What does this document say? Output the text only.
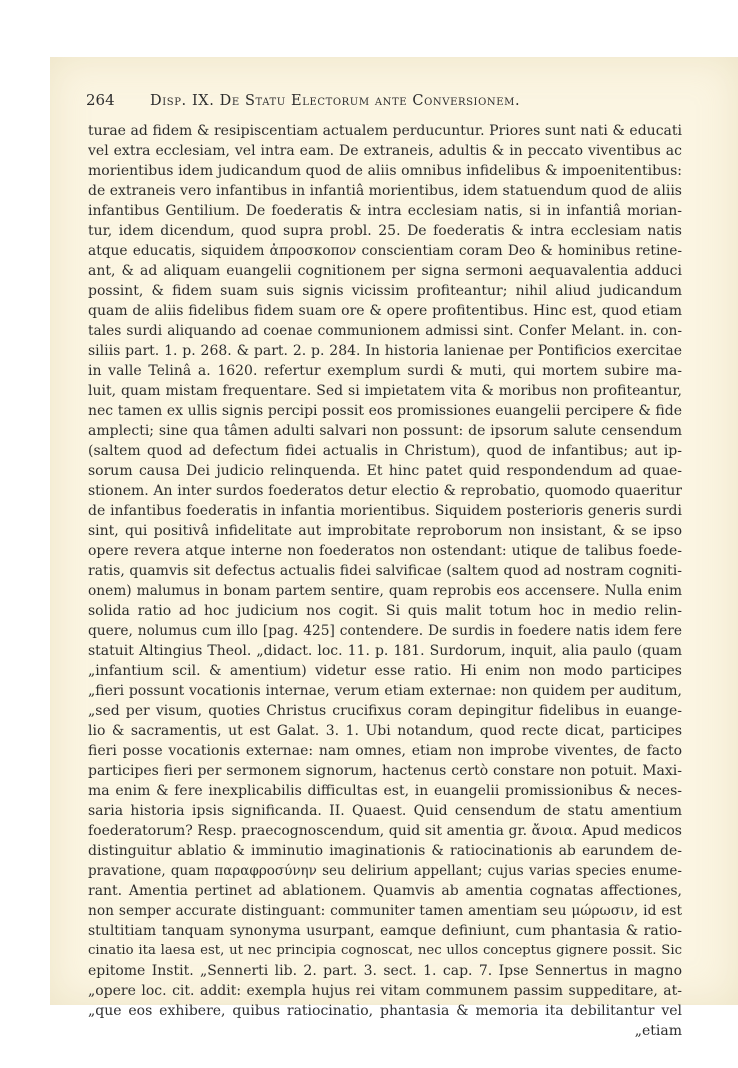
264	Disp. IX. De Statu Electorum ante Conversionem.
turae ad fidem & resipiscentiam actualem perducuntur. Priores sunt nati & educati
vel extra ecclesiam, vel intra eam. De extraneis, adultis & in peccato viventibus ac
morientibus idem judicandum quod de aliis omnibus infidelibus & impoenitentibus:
de extraneis vero infantibus in infantiâ morientibus, idem statuendum quod de aliis
infantibus Gentilium. De foederatis & intra ecclesiam natis, si in infantiâ morian-
tur, idem dicendum, quod supra probl. 25. De foederatis & intra ecclesiam natis
atque educatis, siquidem ἀπροσκοπον conscientiam coram Deo & hominibus retine-
ant, & ad aliquam euangelii cognitionem per signa sermoni aequavalentia adduci
possint, & fidem suam suis signis vicissim profiteantur; nihil aliud judicandum
quam de aliis fidelibus fidem suam ore & opere profitentibus. Hinc est, quod etiam
tales surdi aliquando ad coenae communionem admissi sint. Confer Melant. in. con-
siliis part. 1. p. 268. & part. 2. p. 284. In historia lanienae per Pontificios exercitae
in valle Telinâ a. 1620. refertur exemplum surdi & muti, qui mortem subire ma-
luit, quam mistam frequentare. Sed si impietatem vita & moribus non profiteantur,
nec tamen ex ullis signis percipi possit eos promissiones euangelii percipere & fide
amplecti; sine qua tâmen adulti salvari non possunt: de ipsorum salute censendum
(saltem quod ad defectum fidei actualis in Christum), quod de infantibus; aut ip-
sorum causa Dei judicio relinquenda. Et hinc patet quid respondendum ad quae-
stionem. An inter surdos foederatos detur electio & reprobatio, quomodo quaeritur
de infantibus foederatis in infantia morientibus. Siquidem posterioris generis surdi
sint, qui positivâ infidelitate aut improbitate reproborum non insistant, & se ipso
opere revera atque interne non foederatos non ostendant: utique de talibus foede-
ratis, quamvis sit defectus actualis fidei salvificae (saltem quod ad nostram cogniti-
onem) malumus in bonam partem sentire, quam reprobis eos accensere. Nulla enim
solida ratio ad hoc judicium nos cogit. Si quis malit totum hoc in medio relin-
quere, nolumus cum illo [pag. 425] contendere. De surdis in foedere natis idem fere
statuit Altingius Theol. „didact. loc. 11. p. 181. Surdorum, inquit, alia paulo (quam
„infantium scil. & amentium) videtur esse ratio. Hi enim non modo participes
„fieri possunt vocationis internae, verum etiam externae: non quidem per auditum,
„sed per visum, quoties Christus crucifixus coram depingitur fidelibus in euange-
lio & sacramentis, ut est Galat. 3. 1. Ubi notandum, quod recte dicat, participes
fieri posse vocationis externae: nam omnes, etiam non improbe viventes, de facto
participes fieri per sermonem signorum, hactenus certò constare non potuit. Maxi-
ma enim & fere inexplicabilis difficultas est, in euangelii promissionibus & neces-
saria historia ipsis significanda. II. Quaest. Quid censendum de statu amentium
foederatorum? Resp. praecognoscendum, quid sit amentia gr. ἄνοια. Apud medicos
distinguitur ablatio & imminutio imaginationis & ratiocinationis ab earundem de-
pravatione, quam παραφροσύνην seu delirium appellant; cujus varias species enume-
rant. Amentia pertinet ad ablationem. Quamvis ab amentia cognatas affectiones,
non semper accurate distinguant: communiter tamen amentiam seu μώρωσιν, id est
stultitiam tanquam synonyma usurpant, eamque definiunt, cum phantasia & ratio-
cinatio ita laesa est, ut nec principia cognoscat, nec ullos conceptus gignere possit. Sic
epitome Instit. „Sennerti lib. 2. part. 3. sect. 1. cap. 7. Ipse Sennertus in magno
„opere loc. cit. addit: exempla hujus rei vitam communem passim suppeditare, at-
„que eos exhibere, quibus ratiocinatio, phantasia & memoria ita debilitantur vel
„etiam
